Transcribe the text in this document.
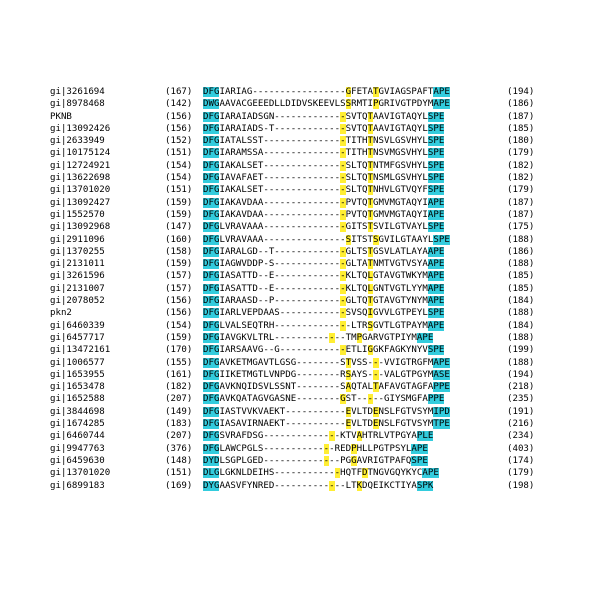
gi|3261694	(167) DFGIARIAG-----------------GFETATGVIAGSPAFTAPE	(194)
gi|8978468	(142) DWGAAVACGEEEDLLDIDVSKEEVLSSRMTIPGRIVGTPDYMAPE	(186)
PKNB	(156) DFGIARAIADSGN-------------SVTQTAAVIGTAQYLSPE	(187)
gi|13092426	(156) DFGIARAIADS-T-------------SVTQTAAVIGTAQYLSPE	(185)
gi|2633949	(152) DFGIATALSST---------------TITHTNSVLGSVHYLSPE	(180)
gi|10175124	(151) DFGIARAMSSA---------------TITHTNSVMGSVHYLSPE	(179)
gi|12724921	(154) DFGIAKALSET---------------SLTQTNTMFGSVHYLSPE	(182)
gi|13622698	(154) DFGIAVAFAET---------------SLTQTNSMLGSVHYLSPE	(182)
gi|13701020	(151) DFGIAKALSET---------------SLTQTNHVLGTVQYFSPE	(179)
gi|13092427	(159) DFGIAKAVDAA---------------PVTQTGMVMGTAQYIAPE	(187)
gi|1552570	(159) DFGIAKAVDAA---------------PVTQTGMVMGTAQYIAPE	(187)
gi|13092968	(147) DFGLVRAVAAA---------------GITSTSVILGTVAYLSPE	(175)
gi|2911096	(160) DFGLVRAVAAA---------------SITSTSGVILGTAAYLSPE	(188)
gi|1370255	(158) DFGIARALGD--T-------------GLTSTGSVLATLAYAAPE	(186)
gi|2131011	(159) DFGIAGWVDDP-S-------------GLTATNMTVGTVSYAAPE	(188)
gi|3261596	(157) DFGIASATTD--E-------------KLTQLGTAVGTWKYMAPE	(185)
gi|2131007	(157) DFGIASATTD--E-------------KLTQLGNTVGTLYYMAPE	(185)
gi|2078052	(156) DFGIARAASD--P-------------GLTQTGTAVGTYNYMAPE	(184)
pkn2	(156) DFGIARLVEPDAAS------------SVSQIGVVLGTPEYLSPE	(188)
gi|6460339	(154) DFGLVALSEQTRH--------------LTRSGVTLGTPAYMAPE	(184)
gi|6457717	(159) DFGIAVGKVLTRL-------------TMPGARVGTPIYMAPE	(188)
gi|13472161	(170) DFGIARSAAVG--G------------ETLIGGKFAGKYNYVSPE	(199)
gi|1006577	(155) DFGAVKETMGAVTLGSG--------STVSS---VVIGTRGFMAPE	(188)
gi|1653955	(161) DFGIIKETMGTLVNPDG--------RSAYS---VALGTPGYMASE	(194)
gi|1653478	(182) DFGAVKNQIDSVLSSNT--------SAQTALTAFAVGTAGFAPPE	(218)
gi|1652588	(207) DFGAVKQATAGVGASNE--------GST-----GIYSMGFAPPE	(235)
gi|3844698	(149) DFGIASTVVKVAEKT-----------EVLTDENSLFGTVSYMIPD	(191)
gi|1674285	(183) DFGIASAVIRNAEKT-----------EVLTDENSLFGTVSYMTPE	(216)
gi|6460744	(207) DFGSVRAFDSG--------------KTVAHTRLVTPGYAPLE	(234)
gi|9947763	(376) DFGLAWCPGLS-------------REDPHLLPGTPSYLAPE	(403)
gi|6459630	(148) DYDLSGPLGED--------------PGGAVRIGTPAFQSPE	(174)
gi|13701020	(151) DLGLGKNLDEIHS------------HQTFDTNGVGQYKYCAPE	(179)
gi|6899183	(169) DYGAASVFYNRED-------------LTKDQEIKCTIYASPK	(198)
